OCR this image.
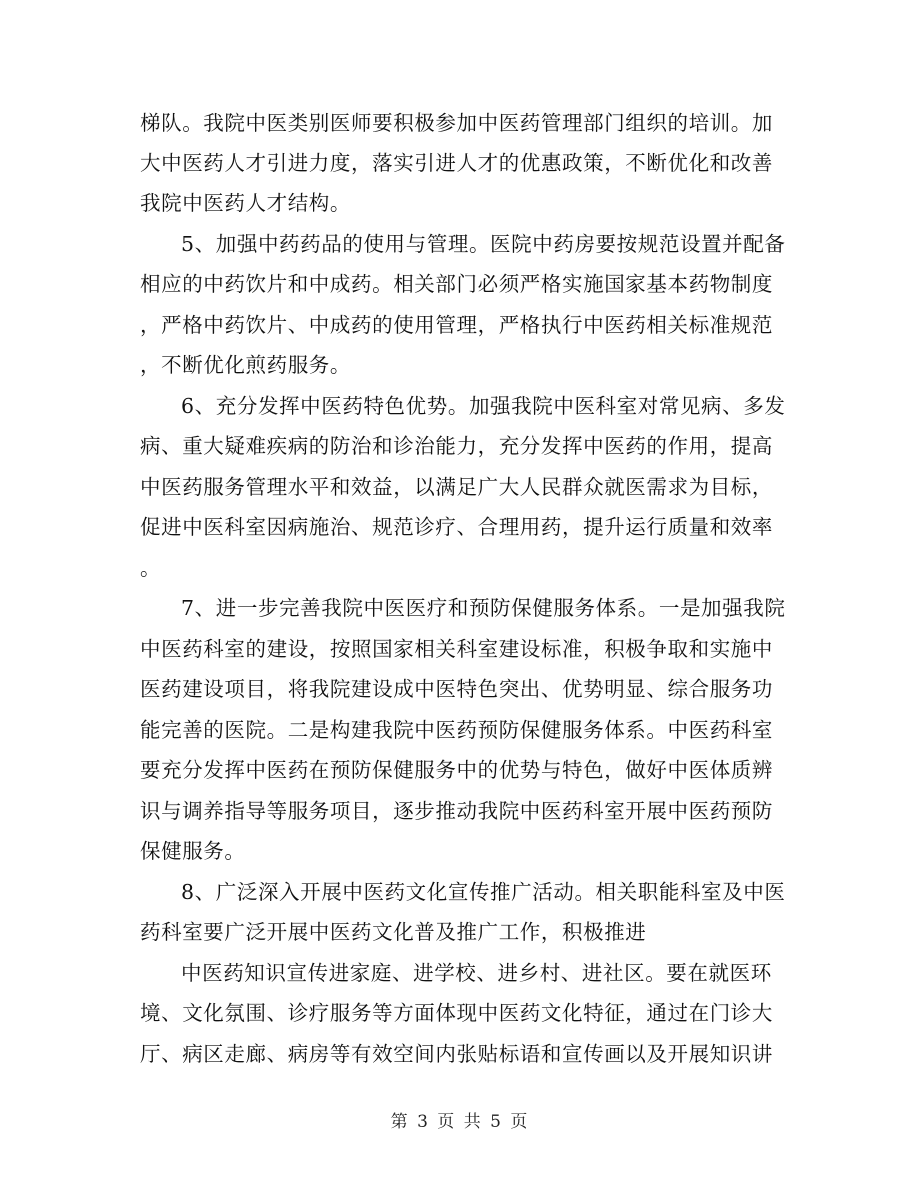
梯队。我院中医类别医师要积极参加中医药管理部门组织的培训。加
大中医药人才引进力度，落实引进人才的优惠政策，不断优化和改善
我院中医药人才结构。
5、加强中药药品的使用与管理。医院中药房要按规范设置并配备
相应的中药饮片和中成药。相关部门必须严格实施国家基本药物制度
，严格中药饮片、中成药的使用管理，严格执行中医药相关标准规范
，不断优化煎药服务。
6、充分发挥中医药特色优势。加强我院中医科室对常见病、多发
病、重大疑难疾病的防治和诊治能力，充分发挥中医药的作用，提高
中医药服务管理水平和效益，以满足广大人民群众就医需求为目标，
促进中医科室因病施治、规范诊疗、合理用药，提升运行质量和效率
。
7、进一步完善我院中医医疗和预防保健服务体系。一是加强我院
中医药科室的建设，按照国家相关科室建设标准，积极争取和实施中
医药建设项目，将我院建设成中医特色突出、优势明显、综合服务功
能完善的医院。二是构建我院中医药预防保健服务体系。中医药科室
要充分发挥中医药在预防保健服务中的优势与特色，做好中医体质辨
识与调养指导等服务项目，逐步推动我院中医药科室开展中医药预防
保健服务。
8、广泛深入开展中医药文化宣传推广活动。相关职能科室及中医
药科室要广泛开展中医药文化普及推广工作，积极推进
中医药知识宣传进家庭、进学校、进乡村、进社区。要在就医环
境、文化氛围、诊疗服务等方面体现中医药文化特征，通过在门诊大
厅、病区走廊、病房等有效空间内张贴标语和宣传画以及开展知识讲
第 3 页 共 5 页
